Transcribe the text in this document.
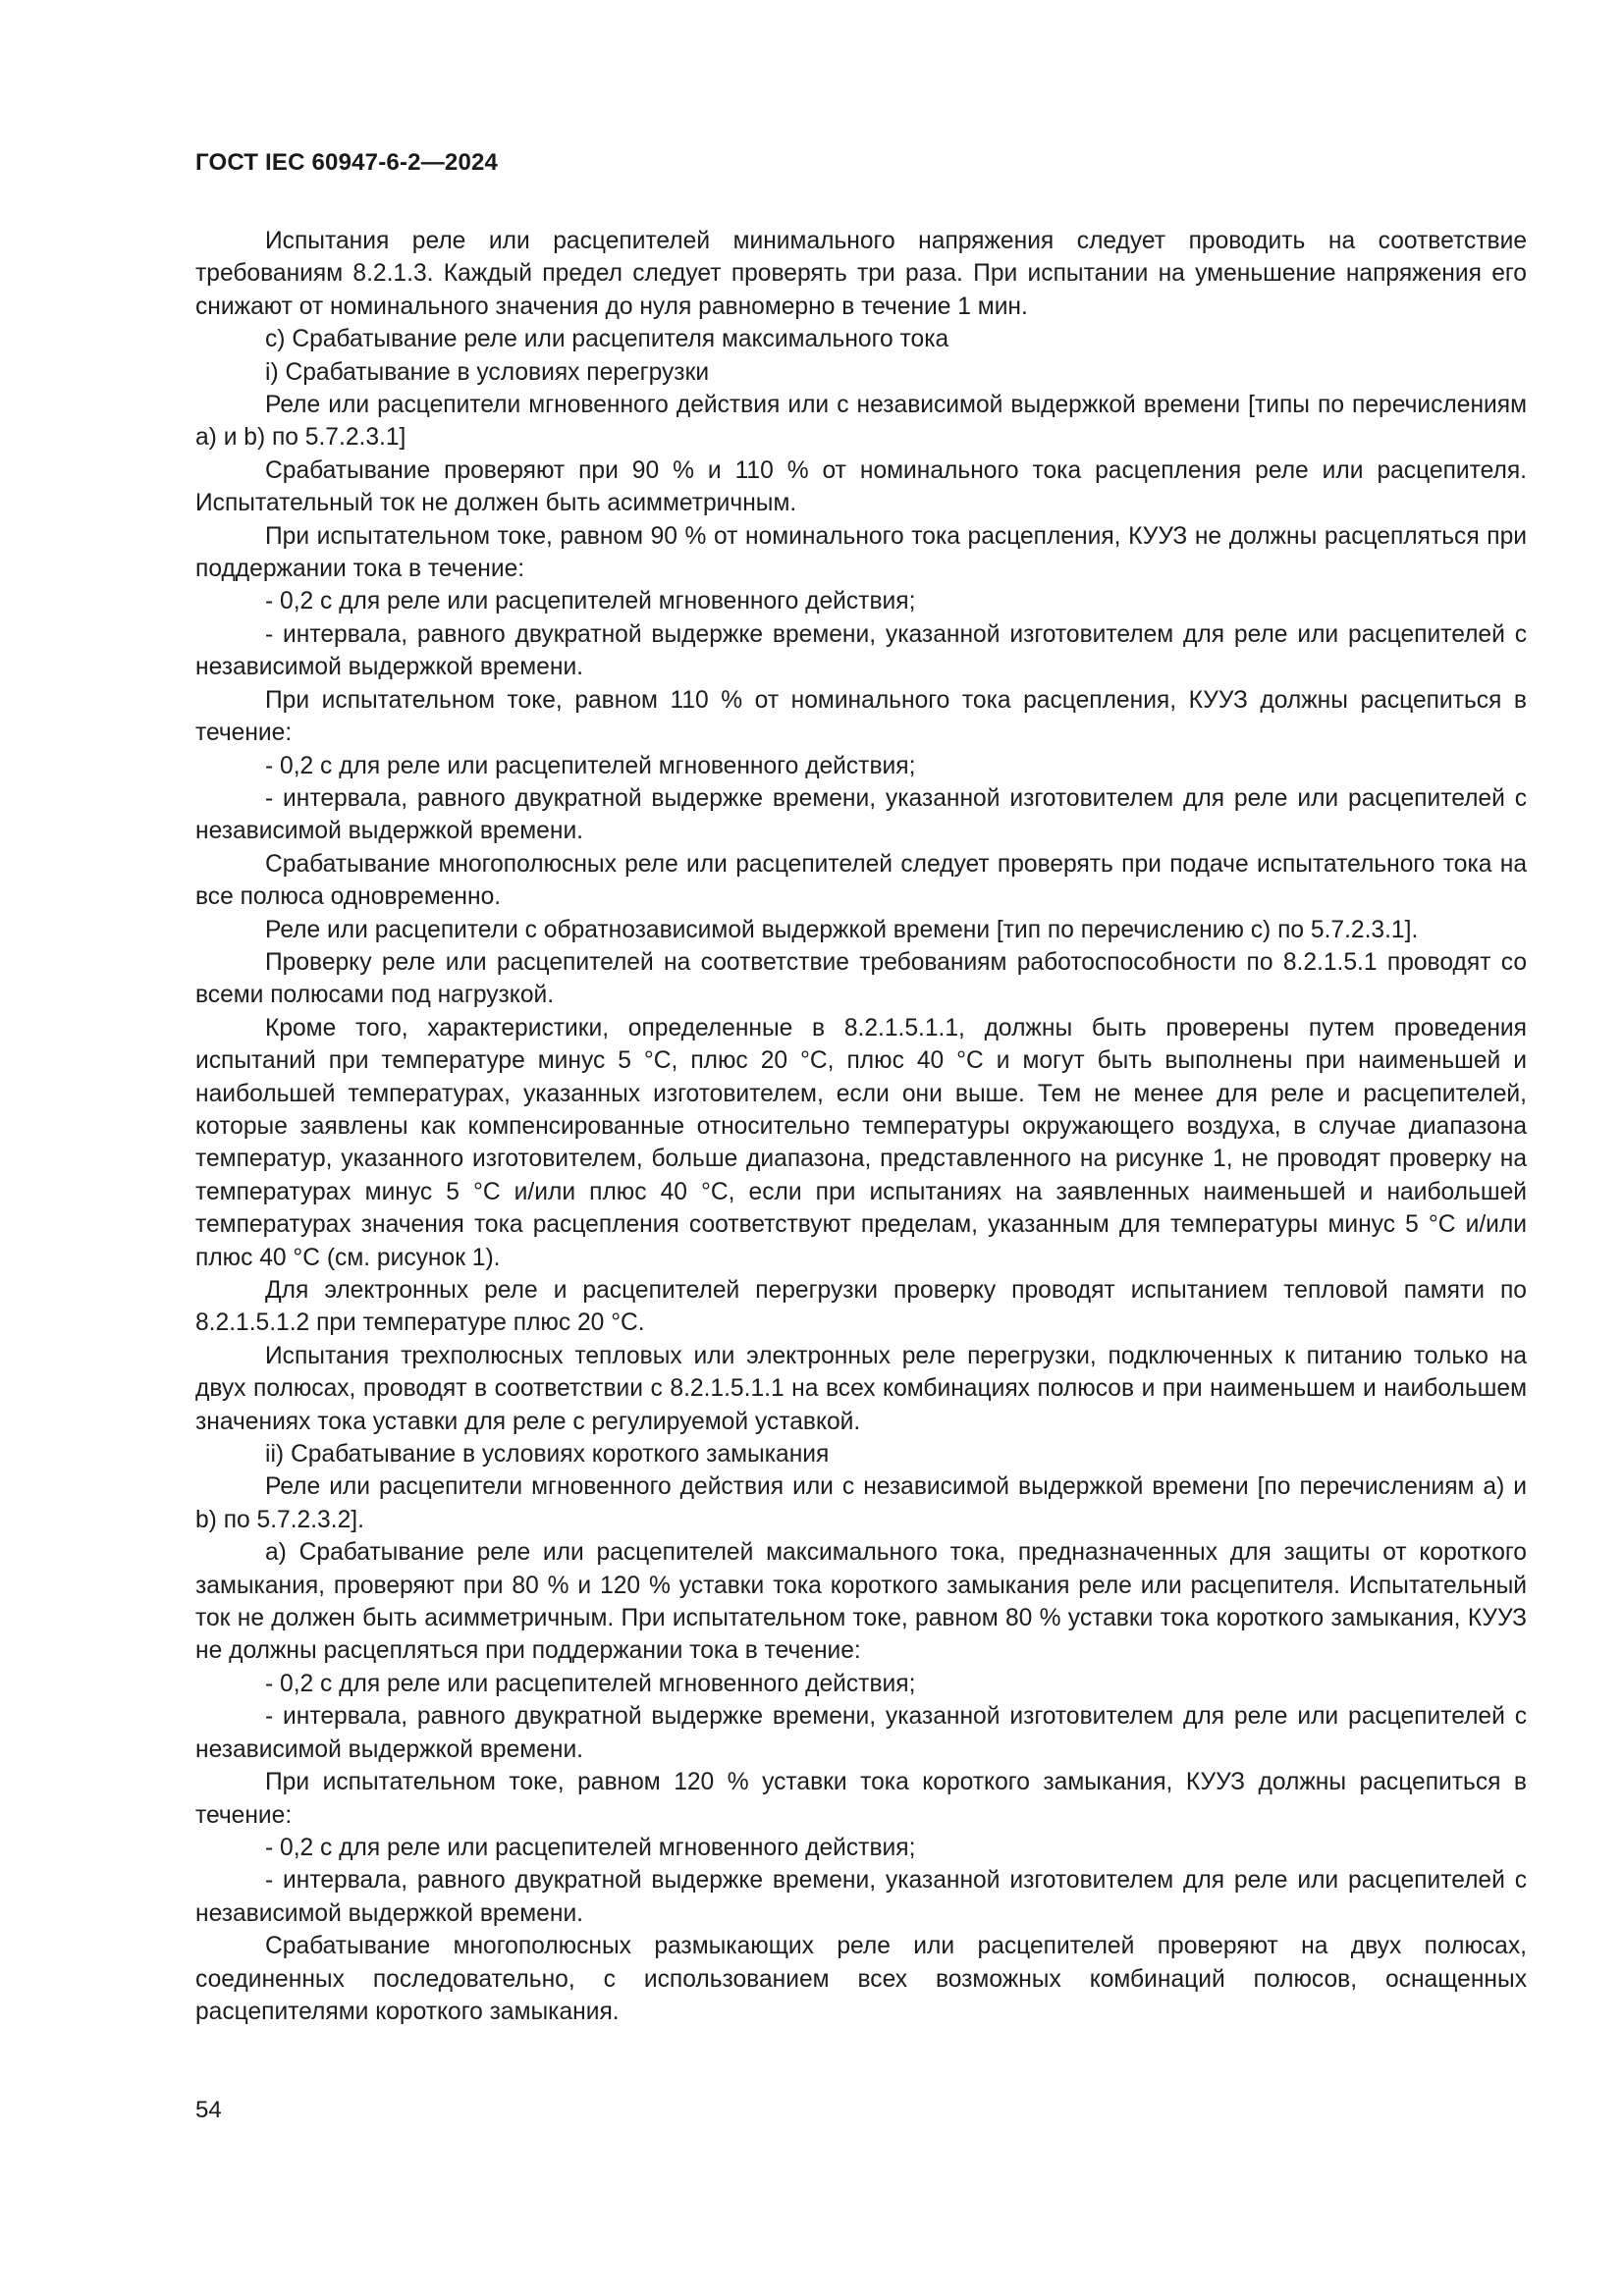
ГОСТ IEC 60947-6-2—2024

Испытания реле или расцепителей минимального напряжения следует проводить на соответствие требованиям 8.2.1.3. Каждый предел следует проверять три раза. При испытании на уменьшение напряжения его снижают от номинального значения до нуля равномерно в течение 1 мин.

с) Срабатывание реле или расцепителя максимального тока

i) Срабатывание в условиях перегрузки

Реле или расцепители мгновенного действия или с независимой выдержкой времени [типы по перечислениям а) и b) по 5.7.2.3.1]

Срабатывание проверяют при 90 % и 110 % от номинального тока расцепления реле или расцепителя. Испытательный ток не должен быть асимметричным.

При испытательном токе, равном 90 % от номинального тока расцепления, КУУЗ не должны расцепляться при поддержании тока в течение:

- 0,2 с для реле или расцепителей мгновенного действия;

- интервала, равного двукратной выдержке времени, указанной изготовителем для реле или расцепителей с независимой выдержкой времени.

При испытательном токе, равном 110 % от номинального тока расцепления, КУУЗ должны расцепиться в течение:

- 0,2 с для реле или расцепителей мгновенного действия;

- интервала, равного двукратной выдержке времени, указанной изготовителем для реле или расцепителей с независимой выдержкой времени.

Срабатывание многополюсных реле или расцепителей следует проверять при подаче испытательного тока на все полюса одновременно.

Реле или расцепители с обратнозависимой выдержкой времени [тип по перечислению с) по 5.7.2.3.1].

Проверку реле или расцепителей на соответствие требованиям работоспособности по 8.2.1.5.1 проводят со всеми полюсами под нагрузкой.

Кроме того, характеристики, определенные в 8.2.1.5.1.1, должны быть проверены путем проведения испытаний при температуре минус 5 °С, плюс 20 °С, плюс 40 °С и могут быть выполнены при наименьшей и наибольшей температурах, указанных изготовителем, если они выше. Тем не менее для реле и расцепителей, которые заявлены как компенсированные относительно температуры окружающего воздуха, в случае диапазона температур, указанного изготовителем, больше диапазона, представленного на рисунке 1, не проводят проверку на температурах минус 5 °С и/или плюс 40 °С, если при испытаниях на заявленных наименьшей и наибольшей температурах значения тока расцепления соответствуют пределам, указанным для температуры минус 5 °С и/или плюс 40 °С (см. рисунок 1).

Для электронных реле и расцепителей перегрузки проверку проводят испытанием тепловой памяти по 8.2.1.5.1.2 при температуре плюс 20 °С.

Испытания трехполюсных тепловых или электронных реле перегрузки, подключенных к питанию только на двух полюсах, проводят в соответствии с 8.2.1.5.1.1 на всех комбинациях полюсов и при наименьшем и наибольшем значениях тока уставки для реле с регулируемой уставкой.

ii) Срабатывание в условиях короткого замыкания

Реле или расцепители мгновенного действия или с независимой выдержкой времени [по перечислениям а) и b) по 5.7.2.3.2].

а) Срабатывание реле или расцепителей максимального тока, предназначенных для защиты от короткого замыкания, проверяют при 80 % и 120 % уставки тока короткого замыкания реле или расцепителя. Испытательный ток не должен быть асимметричным. При испытательном токе, равном 80 % уставки тока короткого замыкания, КУУЗ не должны расцепляться при поддержании тока в течение:

- 0,2 с для реле или расцепителей мгновенного действия;

- интервала, равного двукратной выдержке времени, указанной изготовителем для реле или расцепителей с независимой выдержкой времени.

При испытательном токе, равном 120 % уставки тока короткого замыкания, КУУЗ должны расцепиться в течение:

- 0,2 с для реле или расцепителей мгновенного действия;

- интервала, равного двукратной выдержке времени, указанной изготовителем для реле или расцепителей с независимой выдержкой времени.

Срабатывание многополюсных размыкающих реле или расцепителей проверяют на двух полюсах, соединенных последовательно, с использованием всех возможных комбинаций полюсов, оснащенных расцепителями короткого замыкания.

54
